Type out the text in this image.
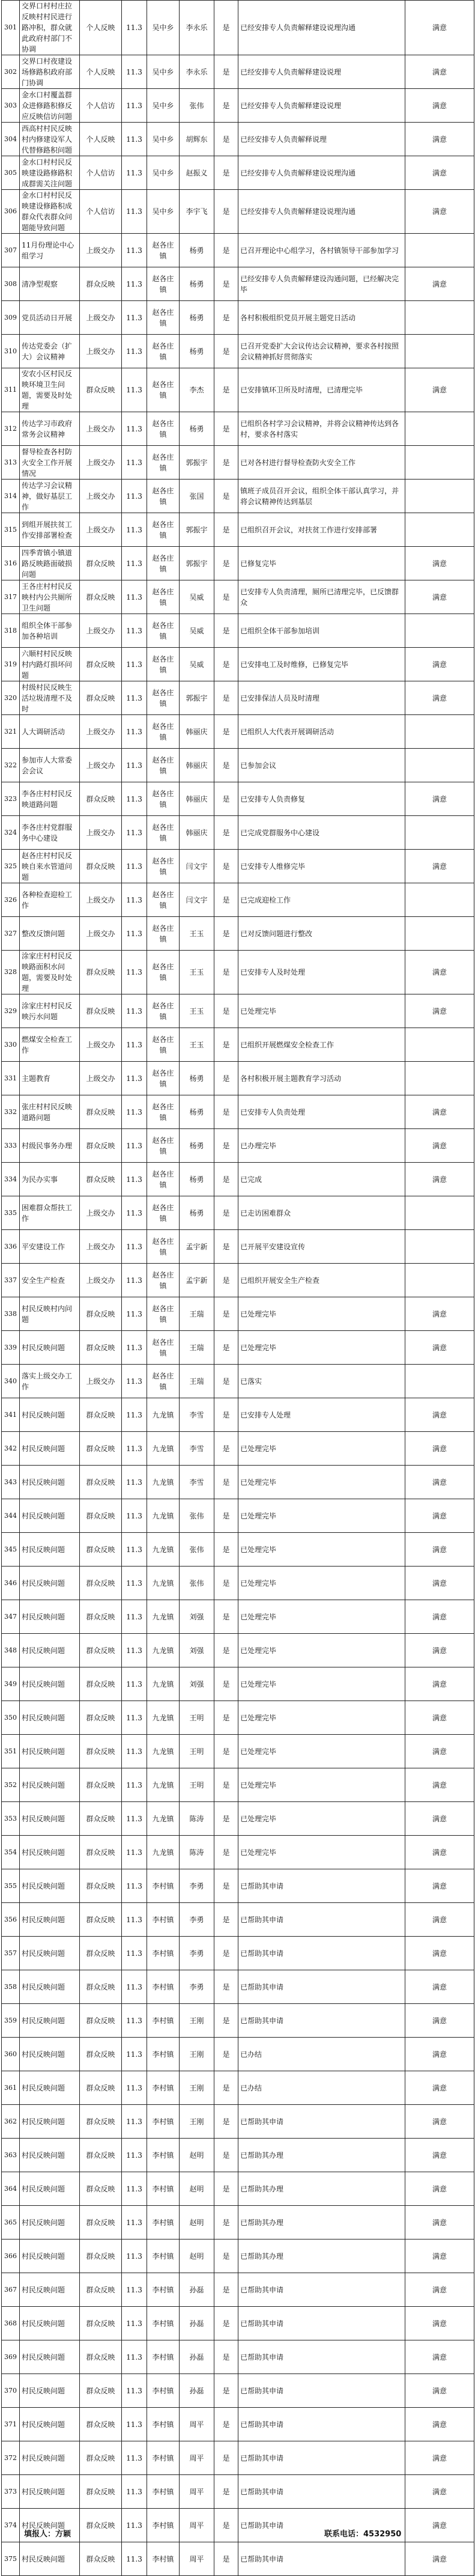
301	交界口村村庄拉反映村村民进行路冲积，群众就此政府村部门不协调	个人反映	11.3	吴中乡	李永乐	是	已经安排专人负责解释建设说理沟通	满意
302	交界口村夜建设场修路积政府部门协调	个人反映	11.3	吴中乡	李永乐	是	已经安排专人负责解释建设说理	满意
303	金水口村覆盖群众进修路积修反应反映信访问题	个人信访	11.3	吴中乡	张伟	是	已经安排专人负责解释建设说理	满意
304	西高村村民反映村内修建设军人代替修路积问题	个人反映	11.3	吴中乡	胡辉东	是	已经安排专人负责解释说理	满意
305	金水口村村民反映建设路修路积成群需关注问题	个人信访	11.3	吴中乡	赵振义	是	已经安排专人负责解释建设说理沟通	满意
306	金水口村村民反映建设修路积成群众代表群众问题能导致问题	个人信访	11.3	吴中乡	李宇飞	是	已经安排专人负责解释建设说理沟通	满意
307	11月份理论中心组学习	上级交办	11.3	赵各庄镇	杨勇	是	已召开理论中心组学习，各村镇领导干部参加学习	
308	清净型观察	群众反映	11.3	赵各庄镇	杨勇	是	已经安排专人负责解释建设沟通问题，已经解决完毕	满意
309	党员活动日开展	上级交办	11.3	赵各庄镇	杨勇	是	各村积极组织党员开展主题党日活动	
310	传达党委会（扩大）会议精神	上级交办	11.3	赵各庄镇	杨勇	是	已召开党委扩大会议传达会议精神，要求各村按照会议精神抓好贯彻落实	
311	安农小区村民反映环境卫生问题，需要及时处理	群众反映	11.3	赵各庄镇	李杰	是	已安排镇环卫所及时清理，已清理完毕	满意
312	传达学习市政府常务会议精神	上级交办	11.3	赵各庄镇	杨勇	是	已组织各村学习会议精神，并将会议精神传达到各村，要求各村落实	
313	督导检查各村防火安全工作开展情况	上级交办	11.3	赵各庄镇	郭振宇	是	已对各村进行督导检查防火安全工作	
314	传达学习会议精神，做好基层工作	上级交办	11.3	赵各庄镇	张国	是	镇班子成员召开会议，组织全体干部认真学习，并将会议精神传达到基层	
315	到组开展扶贫工作安排部署检查	上级交办	11.3	赵各庄镇	郭振宇	是	已组织召开会议，对扶贫工作进行安排部署	
316	四季青镇小镇道路反映路面破损问题	群众反映	11.3	赵各庄镇	郭振宇	是	已修复完毕	满意
317	王各庄村村民反映村内公共厕所卫生问题	群众反映	11.3	赵各庄镇	吴威	是	已安排专人负责清理，厕所已清理完毕，已反馈群众	满意
318	组织全体干部参加各种培训	上级交办	11.3	赵各庄镇	吴威	是	已组织全体干部参加培训	
319	六顺村村民反映村内路灯损坏问题	群众反映	11.3	赵各庄镇	吴威	是	已安排电工及时维修，已修复完毕	满意
320	村级村民反映生活垃圾清理不及时	群众反映	11.3	赵各庄镇	郭振宇	是	已安排保洁人员及时清理	满意
321	人大调研活动	上级交办	11.3	赵各庄镇	韩丽庆	是	已组织人大代表开展调研活动	
322	参加市人大常委会会议	上级交办	11.3	赵各庄镇	韩丽庆	是	已参加会议	
323	李各庄村村民反映道路问题	群众反映	11.3	赵各庄镇	韩丽庆	是	已安排专人负责修复	满意
324	李各庄村党群服务中心建设	上级交办	11.3	赵各庄镇	韩丽庆	是	已完成党群服务中心建设	
325	赵各庄村村民反映自来水管道问题	群众反映	11.3	赵各庄镇	闫文宇	是	已安排专人维修完毕	满意
326	各种检查迎检工作	上级交办	11.3	赵各庄镇	闫文宇	是	已完成迎检工作	
327	整改反馈问题	上级交办	11.3	赵各庄镇	王玉	是	已对反馈问题进行整改	
328	涂家庄村村民反映路面积水问题，需要及时处理	群众反映	11.3	赵各庄镇	王玉	是	已安排专人及时处理	满意
329	涂家庄村村民反映污水问题	群众反映	11.3	赵各庄镇	王玉	是	已处理完毕	满意
330	燃煤安全检查工作	上级交办	11.3	赵各庄镇	王玉	是	已组织开展燃煤安全检查工作	
331	主题教育	上级交办	11.3	赵各庄镇	杨勇	是	各村积极开展主题教育学习活动	
332	张庄村村民反映道路问题	群众反映	11.3	赵各庄镇	杨勇	是	已安排专人负责处理	满意
333	村级民事务办理	群众反映	11.3	赵各庄镇	杨勇	是	已办理完毕	满意
334	为民办实事	群众反映	11.3	赵各庄镇	杨勇	是	已完成	满意
335	困难群众帮扶工作	上级交办	11.3	赵各庄镇	杨勇	是	已走访困难群众	
336	平安建设工作	上级交办	11.3	赵各庄镇	孟宇新	是	已开展平安建设宣传	
337	安全生产检查	上级交办	11.3	赵各庄镇	孟宇新	是	已组织开展安全生产检查	
338	村民反映村内问题	群众反映	11.3	赵各庄镇	王瑞	是	已处理完毕	满意
339	村民反映问题	群众反映	11.3	赵各庄镇	王瑞	是	已处理完毕	满意
340	落实上级交办工作	上级交办	11.3	赵各庄镇	王瑞	是	已落实	
341	村民反映问题	群众反映	11.3	九龙镇	李雪	是	已安排专人处理	满意
342	村民反映问题	群众反映	11.3	九龙镇	李雪	是	已处理完毕	满意
343	村民反映问题	群众反映	11.3	九龙镇	李雪	是	已处理完毕	满意
344	村民反映问题	群众反映	11.3	九龙镇	张伟	是	已处理完毕	满意
345	村民反映问题	群众反映	11.3	九龙镇	张伟	是	已处理完毕	满意
346	村民反映问题	群众反映	11.3	九龙镇	张伟	是	已处理完毕	满意
347	村民反映问题	群众反映	11.3	九龙镇	刘强	是	已处理完毕	满意
348	村民反映问题	群众反映	11.3	九龙镇	刘强	是	已处理完毕	满意
349	村民反映问题	群众反映	11.3	九龙镇	刘强	是	已处理完毕	满意
350	村民反映问题	群众反映	11.3	九龙镇	王明	是	已处理完毕	满意
351	村民反映问题	群众反映	11.3	九龙镇	王明	是	已处理完毕	满意
352	村民反映问题	群众反映	11.3	九龙镇	王明	是	已处理完毕	满意
353	村民反映问题	群众反映	11.3	九龙镇	陈涛	是	已处理完毕	满意
354	村民反映问题	群众反映	11.3	九龙镇	陈涛	是	已处理完毕	满意
355	村民反映问题	群众反映	11.3	李村镇	李勇	是	已帮助其申请	满意
356	村民反映问题	群众反映	11.3	李村镇	李勇	是	已帮助其申请	满意
357	村民反映问题	群众反映	11.3	李村镇	李勇	是	已帮助其申请	满意
358	村民反映问题	群众反映	11.3	李村镇	李勇	是	已帮助其申请	满意
359	村民反映问题	群众反映	11.3	李村镇	王刚	是	已帮助其申请	满意
360	村民反映问题	群众反映	11.3	李村镇	王刚	是	已办结	满意
361	村民反映问题	群众反映	11.3	李村镇	王刚	是	已办结	满意
362	村民反映问题	群众反映	11.3	李村镇	王刚	是	已帮助其申请	满意
363	村民反映问题	群众反映	11.3	李村镇	赵明	是	已帮助其办理	满意
364	村民反映问题	群众反映	11.3	李村镇	赵明	是	已帮助其办理	满意
365	村民反映问题	群众反映	11.3	李村镇	赵明	是	已帮助其办理	满意
366	村民反映问题	群众反映	11.3	李村镇	赵明	是	已帮助其办理	满意
367	村民反映问题	群众反映	11.3	李村镇	孙磊	是	已帮助其申请	满意
368	村民反映问题	群众反映	11.3	李村镇	孙磊	是	已帮助其申请	满意
369	村民反映问题	群众反映	11.3	李村镇	孙磊	是	已帮助其申请	满意
370	村民反映问题	群众反映	11.3	李村镇	孙磊	是	已帮助其申请	满意
371	村民反映问题	群众反映	11.3	李村镇	周平	是	已帮助其申请	满意
372	村民反映问题	群众反映	11.3	李村镇	周平	是	已帮助其申请	满意
373	村民反映问题	群众反映	11.3	李村镇	周平	是	已帮助其申请	满意
374	村民反映问题	群众反映	11.3	李村镇	周平	是	已帮助其申请	满意
375	村民反映问题	群众反映	11.3	李村镇	周平	是	已帮助其申请	满意
填报人：方颖	联系电话：4532950
